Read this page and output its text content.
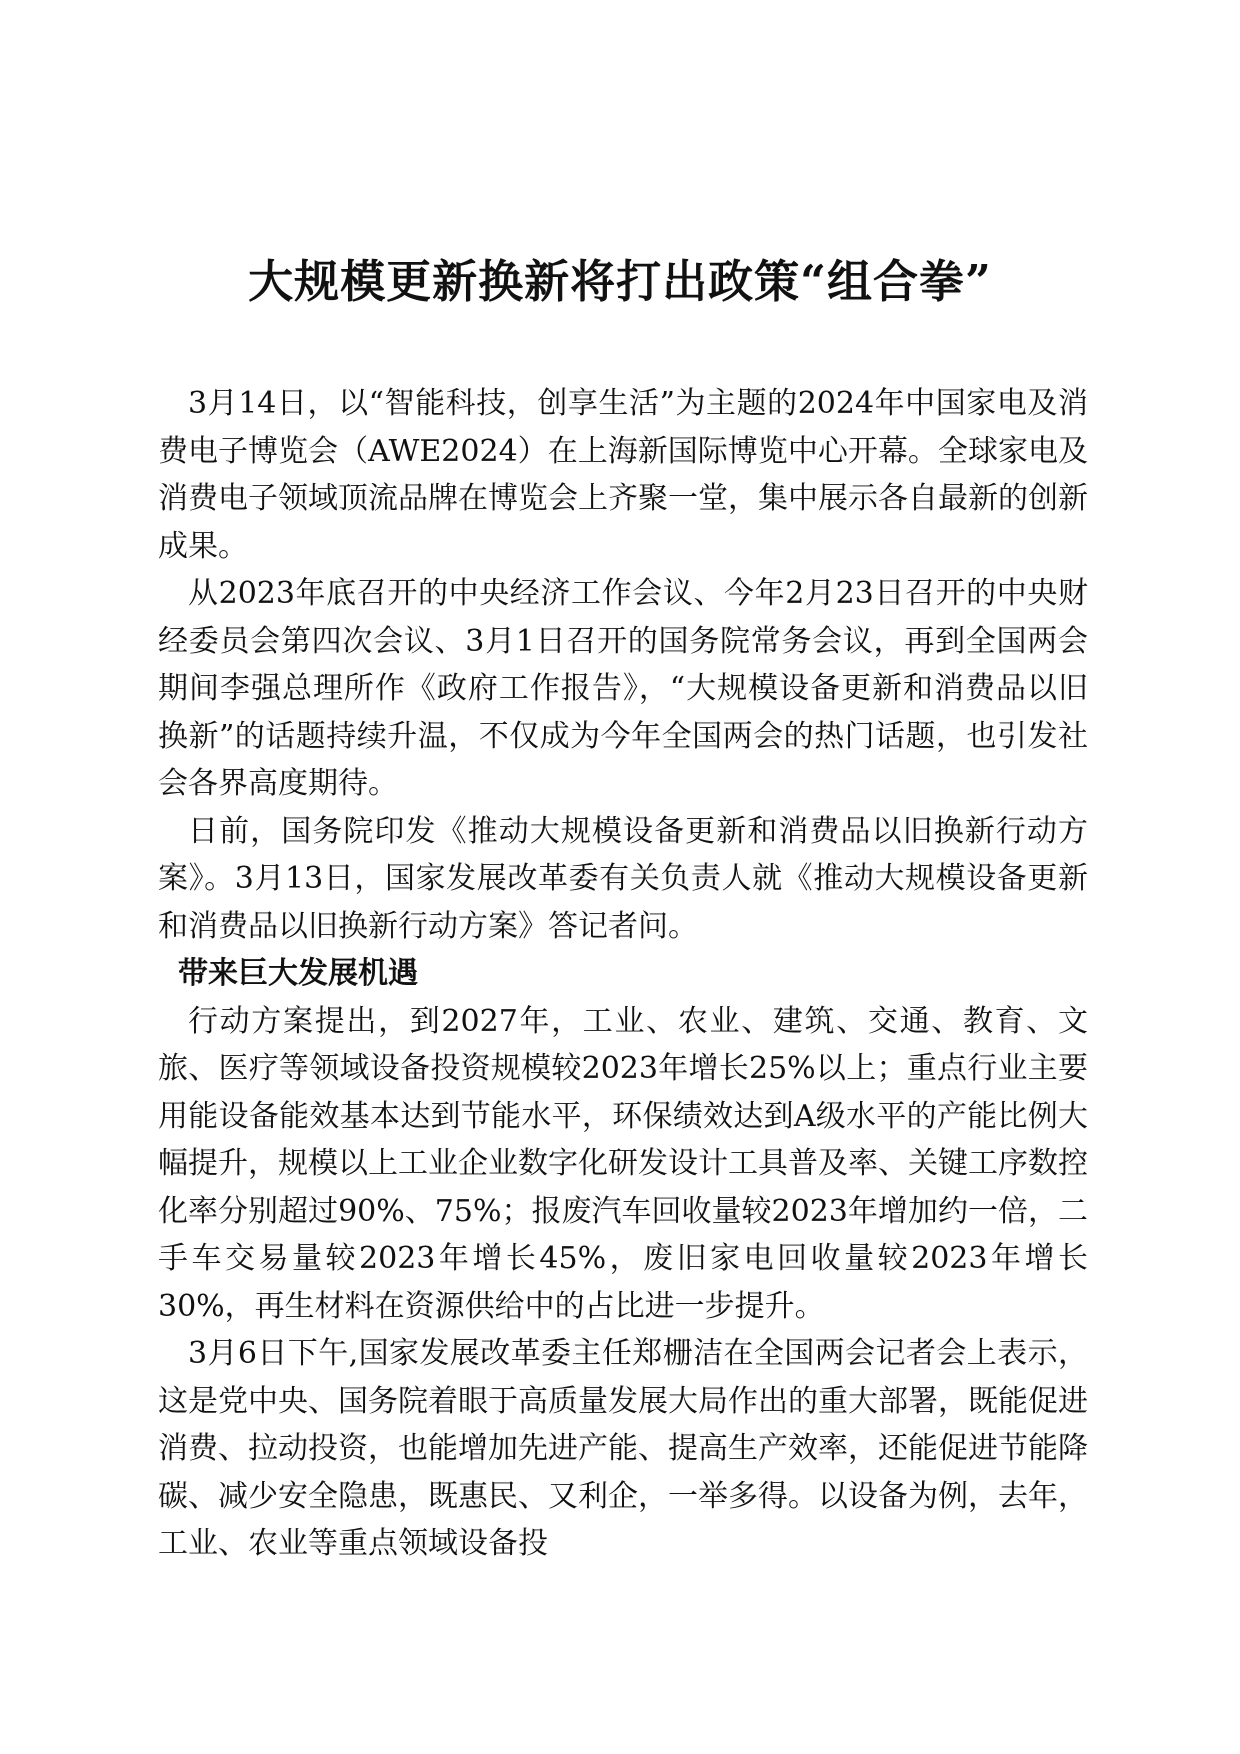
大规模更新换新将打出政策“组合拳”

3月14日，以“智能科技，创享生活”为主题的2024年中国家电及消费电子博览会（AWE2024）在上海新国际博览中心开幕。全球家电及消费电子领域顶流品牌在博览会上齐聚一堂，集中展示各自最新的创新成果。

从2023年底召开的中央经济工作会议、今年2月23日召开的中央财经委员会第四次会议、3月1日召开的国务院常务会议，再到全国两会期间李强总理所作《政府工作报告》，“大规模设备更新和消费品以旧换新”的话题持续升温，不仅成为今年全国两会的热门话题，也引发社会各界高度期待。

日前，国务院印发《推动大规模设备更新和消费品以旧换新行动方案》。3月13日，国家发展改革委有关负责人就《推动大规模设备更新和消费品以旧换新行动方案》答记者问。

带来巨大发展机遇

行动方案提出，到2027年，工业、农业、建筑、交通、教育、文旅、医疗等领域设备投资规模较2023年增长25%以上；重点行业主要用能设备能效基本达到节能水平，环保绩效达到A级水平的产能比例大幅提升，规模以上工业企业数字化研发设计工具普及率、关键工序数控化率分别超过90%、75%；报废汽车回收量较2023年增加约一倍，二手车交易量较2023年增长45%，废旧家电回收量较2023年增长30%，再生材料在资源供给中的占比进一步提升。

3月6日下午,国家发展改革委主任郑栅洁在全国两会记者会上表示，这是党中央、国务院着眼于高质量发展大局作出的重大部署，既能促进消费、拉动投资，也能增加先进产能、提高生产效率，还能促进节能降碳、减少安全隐患，既惠民、又利企，一举多得。以设备为例，去年，工业、农业等重点领域设备投
